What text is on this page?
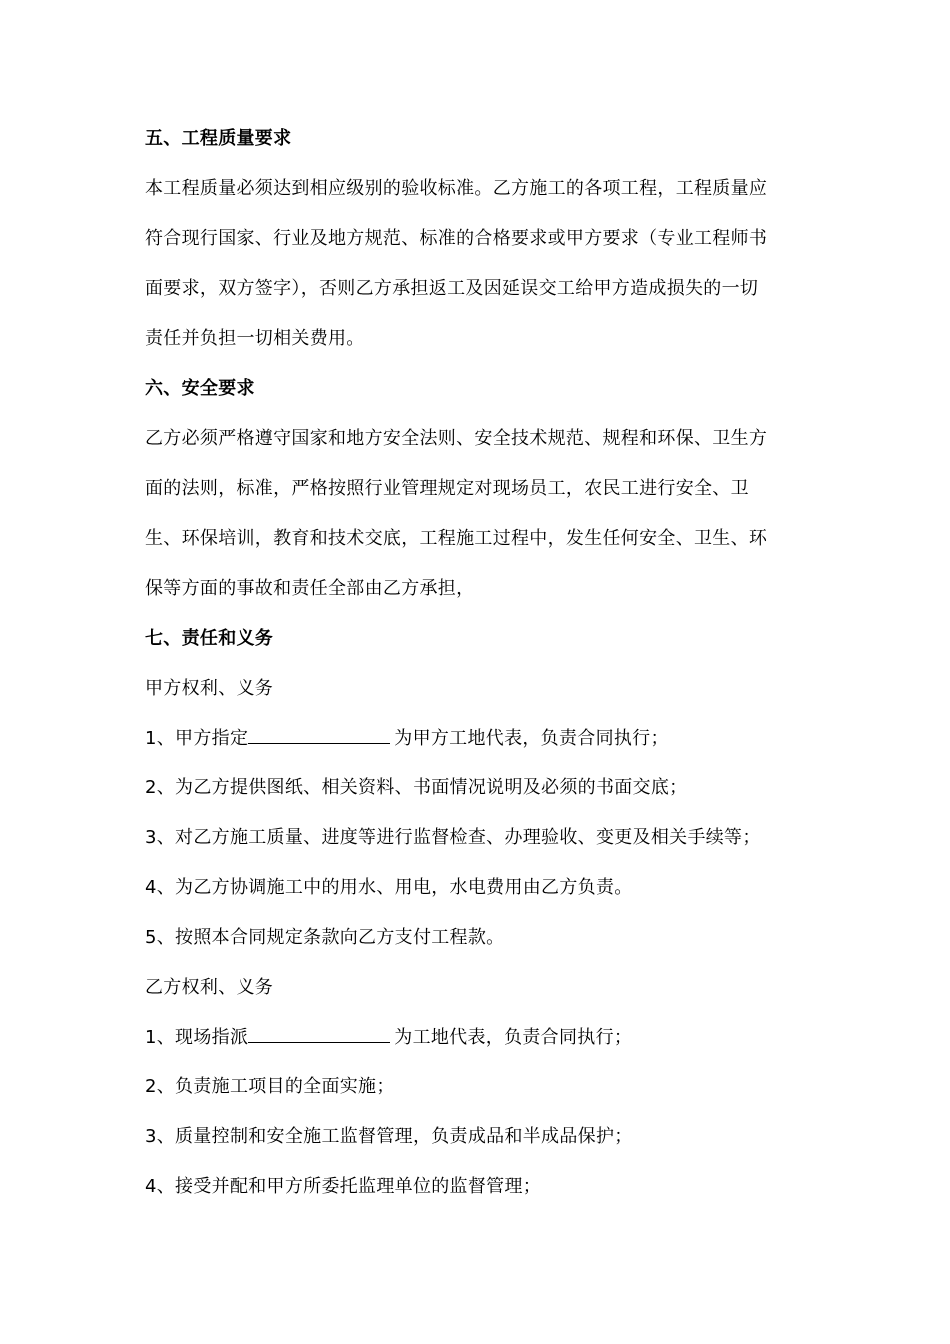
五、工程质量要求
本工程质量必须达到相应级别的验收标准。乙方施工的各项工程，工程质量应
符合现行国家、行业及地方规范、标准的合格要求或甲方要求（专业工程师书
面要求，双方签字），否则乙方承担返工及因延误交工给甲方造成损失的一切
责任并负担一切相关费用。
六、安全要求
乙方必须严格遵守国家和地方安全法则、安全技术规范、规程和环保、卫生方
面的法则，标准，严格按照行业管理规定对现场员工，农民工进行安全、卫
生、环保培训，教育和技术交底，工程施工过程中，发生任何安全、卫生、环
保等方面的事故和责任全部由乙方承担，
七、责任和义务
甲方权利、义务
1、甲方指定	为甲方工地代表，负责合同执行；
2、为乙方提供图纸、相关资料、书面情况说明及必须的书面交底；
3、对乙方施工质量、进度等进行监督检查、办理验收、变更及相关手续等；
4、为乙方协调施工中的用水、用电，水电费用由乙方负责。
5、按照本合同规定条款向乙方支付工程款。
乙方权利、义务
1、现场指派	为工地代表，负责合同执行；
2、负责施工项目的全面实施；
3、质量控制和安全施工监督管理，负责成品和半成品保护；
4、接受并配和甲方所委托监理单位的监督管理；
